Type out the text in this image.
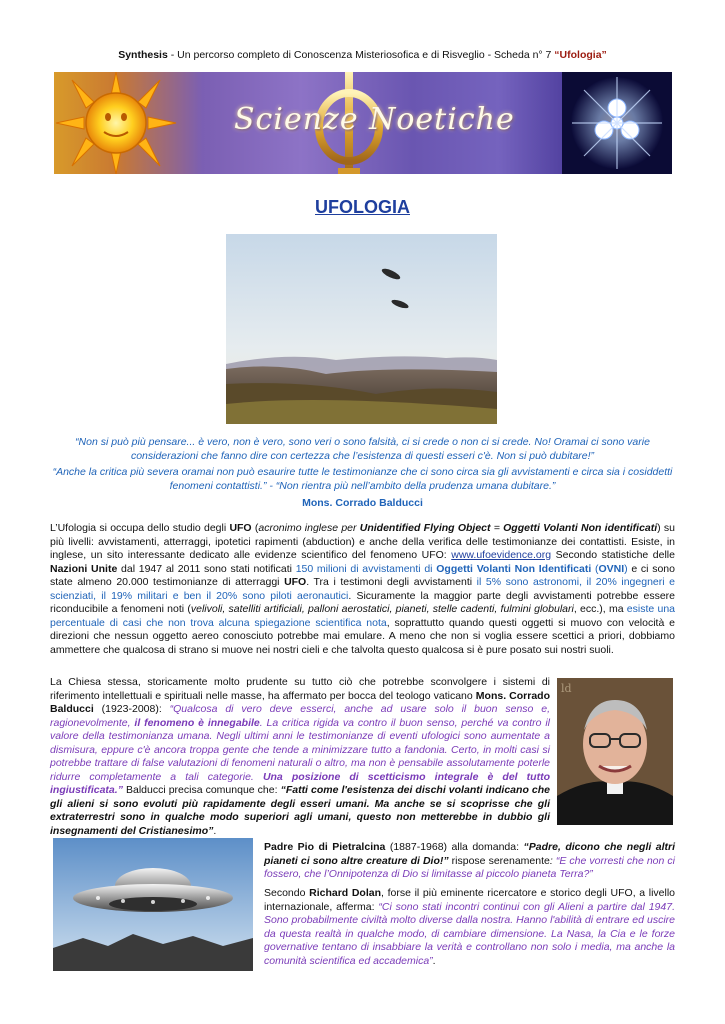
Synthesis - Un percorso completo di Conoscenza Misteriosofica e di Risveglio - Scheda n° 7 “Ufologia”
Scienze Noetiche
UFOLOGIA
“Non si può più pensare... è vero, non è vero, sono veri o sono falsità, ci si crede o non ci si crede. No! Oramai ci sono varie considerazioni che fanno dire con certezza che l’esistenza di questi esseri c'è. Non si può dubitare!”
“Anche la critica più severa oramai non può esaurire tutte le testimonianze che ci sono circa sia gli avvistamenti e circa sia i cosiddetti fenomeni contattisti.” - “Non rientra più nell’ambito della prudenza umana dubitare.”
Mons. Corrado Balducci
L’Ufologia si occupa dello studio degli UFO (acronimo inglese per Unidentified Flying Object = Oggetti Volanti Non identificati) su più livelli: avvistamenti, atterraggi, ipotetici rapimenti (abduction) e anche della verifica delle testimonianze dei contattisti. Esiste, in inglese, un sito interessante dedicato alle evidenze scientifico del fenomeno UFO: www.ufoevidence.org Secondo statistiche delle Nazioni Unite dal 1947 al 2011 sono stati notificati 150 milioni di avvistamenti di Oggetti Volanti Non Identificati (OVNI) e ci sono state almeno 20.000 testimonianze di atterraggi UFO. Tra i testimoni degli avvistamenti il 5% sono astronomi, il 20% ingegneri e scienziati, il 19% militari e ben il 20% sono piloti aeronautici. Sicuramente la maggior parte degli avvistamenti potrebbe essere riconducibile a fenomeni noti (velivoli, satelliti artificiali, palloni aerostatici, pianeti, stelle cadenti, fulmini globulari, ecc.), ma esiste una percentuale di casi che non trova alcuna spiegazione scientifica nota, soprattutto quando questi oggetti si muovo con velocità e direzioni che nessun oggetto aereo conosciuto potrebbe mai emulare. A meno che non si voglia essere scettici a priori, dobbiamo ammettere che qualcosa di strano si muove nei nostri cieli e che talvolta questo qualcosa si è pure posato sui nostri suoli.
La Chiesa stessa, storicamente molto prudente su tutto ciò che potrebbe sconvolgere i sistemi di riferimento intellettuali e spirituali nelle masse, ha affermato per bocca del teologo vaticano Mons. Corrado Balducci (1923-2008): “Qualcosa di vero deve esserci, anche ad usare solo il buon senso e, ragionevolmente, il fenomeno è innegabile. La critica rigida va contro il buon senso, perché va contro il valore della testimonianza umana. Negli ultimi anni le testimonianze di eventi ufologici sono aumentate a dismisura, eppure c'è ancora troppa gente che tende a minimizzare tutto a fandonia. Certo, in molti casi si potrebbe trattare di false valutazioni di fenomeni naturali o altro, ma non è pensabile assolutamente poterle ridurre completamente a tali categorie. Una posizione di scetticismo integrale è del tutto ingiustificata.” Balducci precisa comunque che: “Fatti come l'esistenza dei dischi volanti indicano che gli alieni si sono evoluti più rapidamente degli esseri umani. Ma anche se si scoprisse che gli extraterrestri sono in qualche modo superiori agli umani, questo non metterebbe in dubbio gli insegnamenti del Cristianesimo”.
ld
Padre Pio di Pietralcina (1887-1968) alla domanda: “Padre, dicono che negli altri pianeti ci sono altre creature di Dio!” rispose serenamente: “E che vorresti che non ci fossero, che l’Onnipotenza di Dio si limitasse al piccolo pianeta Terra?”
Secondo Richard Dolan, forse il più eminente ricercatore e storico degli UFO, a livello internazionale, afferma: “Ci sono stati incontri continui con gli Alieni a partire dal 1947. Sono probabilmente civiltà molto diverse dalla nostra. Hanno l'abilità di entrare ed uscire da questa realtà in qualche modo, di cambiare dimensione. La Nasa, la Cia e le forze governative tentano di insabbiare la verità e controllano non solo i media, ma anche la comunità scientifica ed accademica”.
